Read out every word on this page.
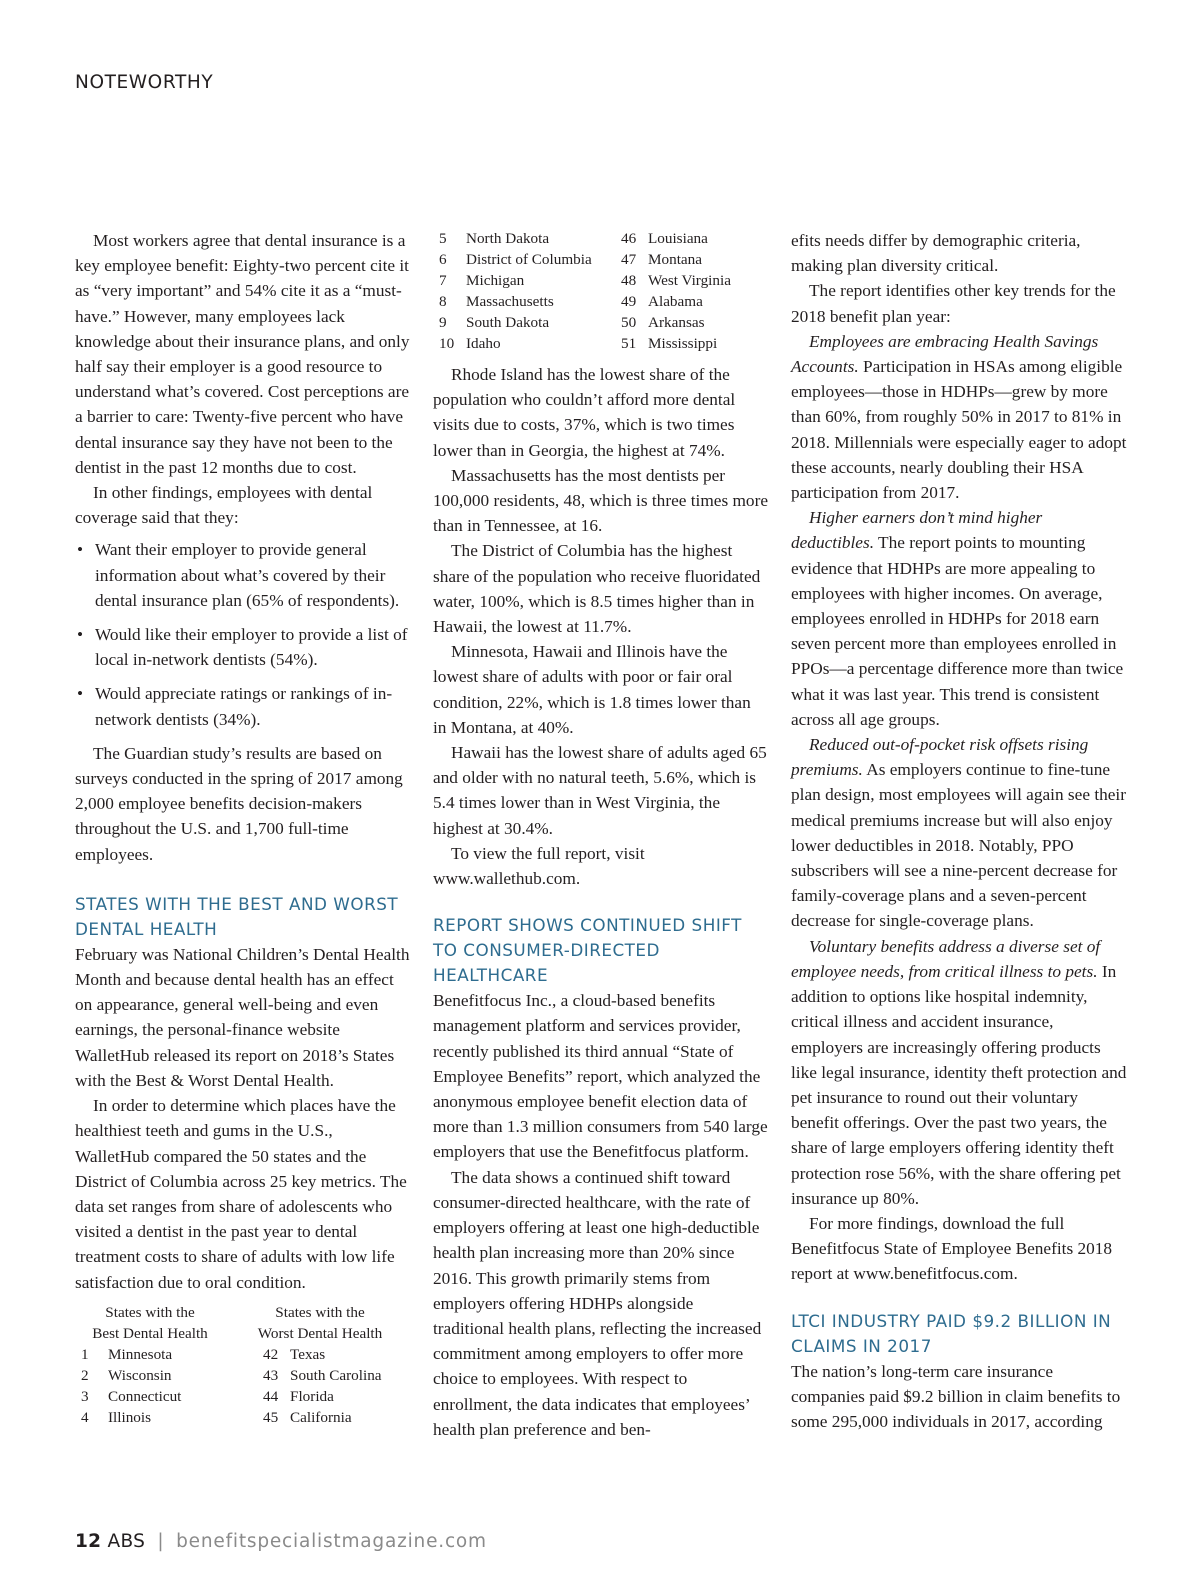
NOTEWORTHY

Most workers agree that dental insurance is a key employee benefit: Eighty-two percent cite it as “very important” and 54% cite it as a “must-have.” However, many employees lack knowledge about their insurance plans, and only half say their employer is a good resource to understand what’s covered. Cost perceptions are a barrier to care: Twenty-five percent who have dental insurance say they have not been to the dentist in the past 12 months due to cost.

In other findings, employees with dental coverage said that they:

• Want their employer to provide general information about what’s covered by their dental insurance plan (65% of respondents).
• Would like their employer to provide a list of local in-network dentists (54%).
• Would appreciate ratings or rankings of in-network dentists (34%).

The Guardian study’s results are based on surveys conducted in the spring of 2017 among 2,000 employee benefits decision-makers throughout the U.S. and 1,700 full-time employees.

STATES WITH THE BEST AND WORST DENTAL HEALTH

February was National Children’s Dental Health Month and because dental health has an effect on appearance, general well-being and even earnings, the personal-finance website WalletHub released its report on 2018’s States with the Best & Worst Dental Health.

In order to determine which places have the healthiest teeth and gums in the U.S., WalletHub compared the 50 states and the District of Columbia across 25 key metrics. The data set ranges from share of adolescents who visited a dentist in the past year to dental treatment costs to share of adults with low life satisfaction due to oral condition.

States with the
Best Dental Health
1	Minnesota
2	Wisconsin
3	Connecticut
4	Illinois
States with the
Worst Dental Health
42 Texas
43 South Carolina
44 Florida
45 California
5	North Dakota
6	District of Columbia
7	Michigan
8	Massachusetts
9	South Dakota
10 Idaho
46 Louisiana
47 Montana
48 West Virginia
49 Alabama
50 Arkansas
51 Mississippi

Rhode Island has the lowest share of the population who couldn’t afford more dental visits due to costs, 37%, which is two times lower than in Georgia, the highest at 74%.

Massachusetts has the most dentists per 100,000 residents, 48, which is three times more than in Tennessee, at 16.

The District of Columbia has the highest share of the population who receive fluoridated water, 100%, which is 8.5 times higher than in Hawaii, the lowest at 11.7%.

Minnesota, Hawaii and Illinois have the lowest share of adults with poor or fair oral condition, 22%, which is 1.8 times lower than in Montana, at 40%.

Hawaii has the lowest share of adults aged 65 and older with no natural teeth, 5.6%, which is 5.4 times lower than in West Virginia, the highest at 30.4%.

To view the full report, visit www.wallethub.com.

REPORT SHOWS CONTINUED SHIFT TO CONSUMER-DIRECTED HEALTHCARE

Benefitfocus Inc., a cloud-based benefits management platform and services provider, recently published its third annual “State of Employee Benefits” report, which analyzed the anonymous employee benefit election data of more than 1.3 million consumers from 540 large employers that use the Benefitfocus platform.

The data shows a continued shift toward consumer-directed healthcare, with the rate of employers offering at least one high-deductible health plan increasing more than 20% since 2016. This growth primarily stems from employers offering HDHPs alongside traditional health plans, reflecting the increased commitment among employers to offer more choice to employees. With respect to enrollment, the data indicates that employees’ health plan preference and ben-

efits needs differ by demographic criteria, making plan diversity critical.

The report identifies other key trends for the 2018 benefit plan year:

Employees are embracing Health Savings Accounts. Participation in HSAs among eligible employees—those in HDHPs—grew by more than 60%, from roughly 50% in 2017 to 81% in 2018. Millennials were especially eager to adopt these accounts, nearly doubling their HSA participation from 2017.

Higher earners don’t mind higher deductibles. The report points to mounting evidence that HDHPs are more appealing to employees with higher incomes. On average, employees enrolled in HDHPs for 2018 earn seven percent more than employees enrolled in PPOs—a percentage difference more than twice what it was last year. This trend is consistent across all age groups.

Reduced out-of-pocket risk offsets rising premiums. As employers continue to fine-tune plan design, most employees will again see their medical premiums increase but will also enjoy lower deductibles in 2018. Notably, PPO subscribers will see a nine-percent decrease for family-coverage plans and a seven-percent decrease for single-coverage plans.

Voluntary benefits address a diverse set of employee needs, from critical illness to pets. In addition to options like hospital indemnity, critical illness and accident insurance, employers are increasingly offering products like legal insurance, identity theft protection and pet insurance to round out their voluntary benefit offerings. Over the past two years, the share of large employers offering identity theft protection rose 56%, with the share offering pet insurance up 80%.

For more findings, download the full Benefitfocus State of Employee Benefits 2018 report at www.benefitfocus.com.

LTCI INDUSTRY PAID $9.2 BILLION IN CLAIMS IN 2017

The nation’s long-term care insurance companies paid $9.2 billion in claim benefits to some 295,000 individuals in 2017, according

12 ABS | benefitspecialistmagazine.com
